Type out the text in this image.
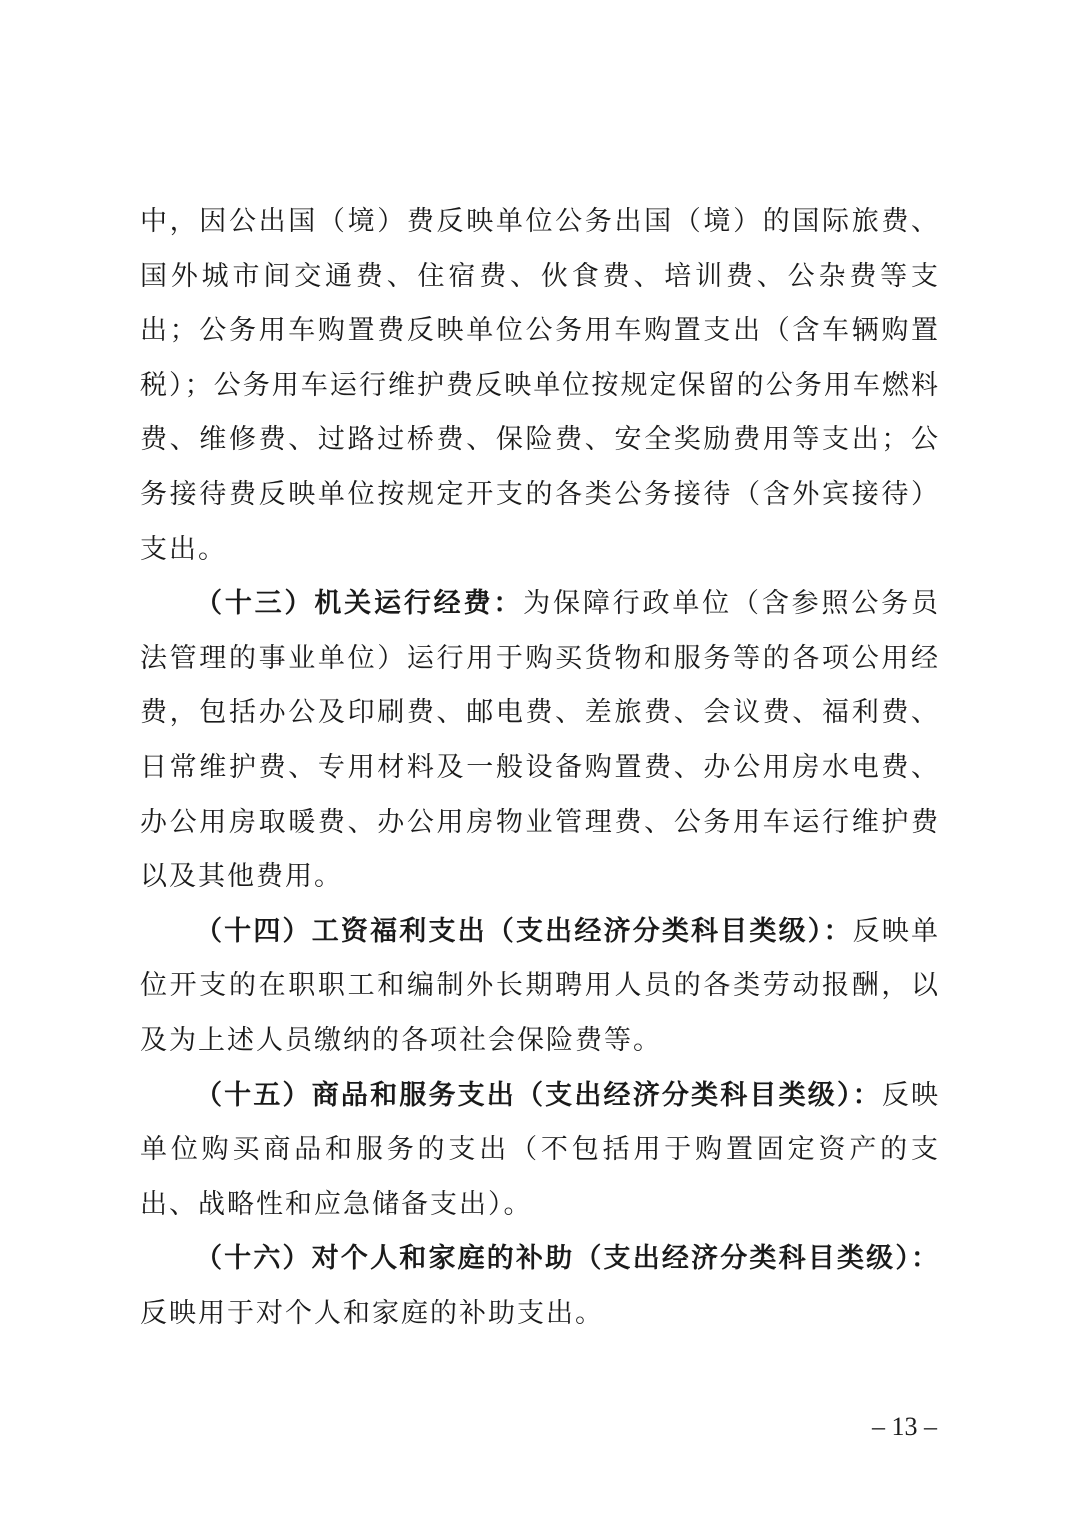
中，因公出国（境）费反映单位公务出国（境）的国际旅费、国外城市间交通费、住宿费、伙食费、培训费、公杂费等支出；公务用车购置费反映单位公务用车购置支出（含车辆购置税）；公务用车运行维护费反映单位按规定保留的公务用车燃料费、维修费、过路过桥费、保险费、安全奖励费用等支出；公务接待费反映单位按规定开支的各类公务接待（含外宾接待）支出。

（十三）机关运行经费：为保障行政单位（含参照公务员法管理的事业单位）运行用于购买货物和服务等的各项公用经费，包括办公及印刷费、邮电费、差旅费、会议费、福利费、日常维护费、专用材料及一般设备购置费、办公用房水电费、办公用房取暖费、办公用房物业管理费、公务用车运行维护费以及其他费用。

（十四）工资福利支出（支出经济分类科目类级）：反映单位开支的在职职工和编制外长期聘用人员的各类劳动报酬，以及为上述人员缴纳的各项社会保险费等。

（十五）商品和服务支出（支出经济分类科目类级）：反映单位购买商品和服务的支出（不包括用于购置固定资产的支出、战略性和应急储备支出）。

（十六）对个人和家庭的补助（支出经济分类科目类级）：反映用于对个人和家庭的补助支出。

– 13 –
